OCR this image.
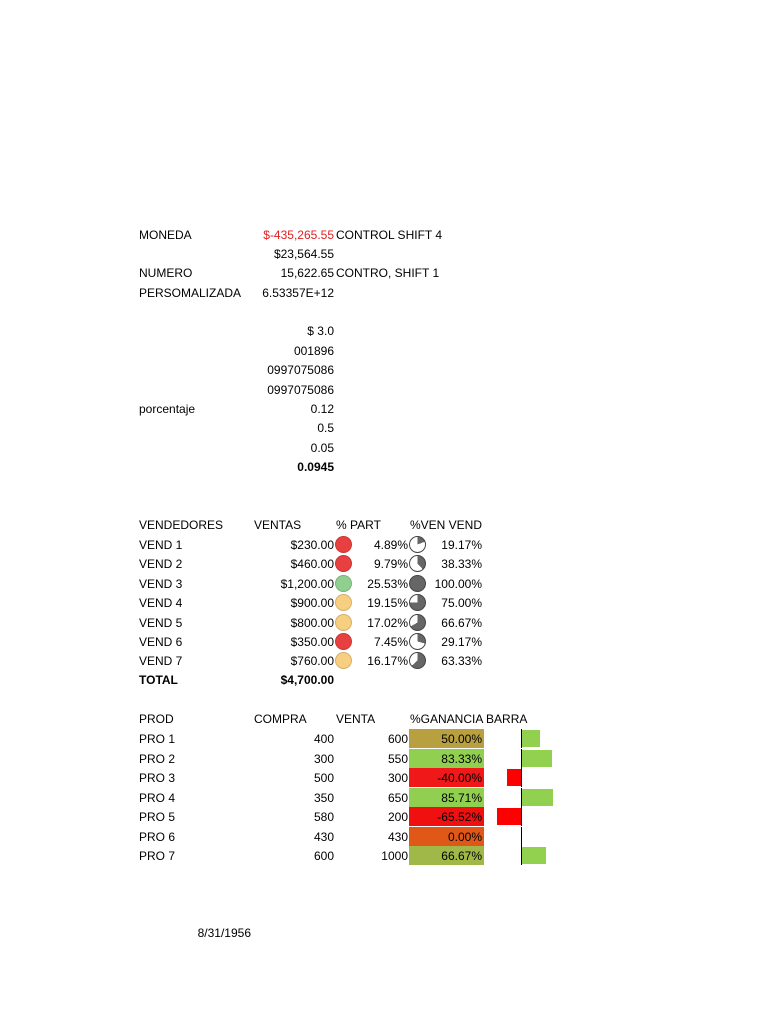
MONEDA	$-435,265.55 CONTROL SHIFT 4
$23,564.55
NUMERO	15,622.65 CONTRO, SHIFT 1
PERSOMALIZADA	6.53357E+12
$ 3.0
001896
0997075086
0997075086
porcentaje	0.12
0.5
0.05
0.0945
VENDEDORES	VENTAS	% PART %VEN VEND
VEND 1	$230.00	4.89%	19.17%
VEND 2	$460.00	9.79%	38.33%
VEND 3	$1,200.00	25.53%	100.00%
VEND 4	$900.00	19.15%	75.00%
VEND 5	$800.00	17.02%	66.67%
VEND 6	$350.00	7.45%	29.17%
VEND 7	$760.00	16.17%	63.33%
TOTAL	$4,700.00
PROD	COMPRA VENTA	%GANANCIA BARRA
PRO 1	400	600	50.00%
PRO 2	300	550	83.33%
PRO 3	500	300	-40.00%
PRO 4	350	650	85.71%
PRO 5	580	200	-65.52%
PRO 6	430	430	0.00%
PRO 7	600	1000	66.67%
8/31/1956
